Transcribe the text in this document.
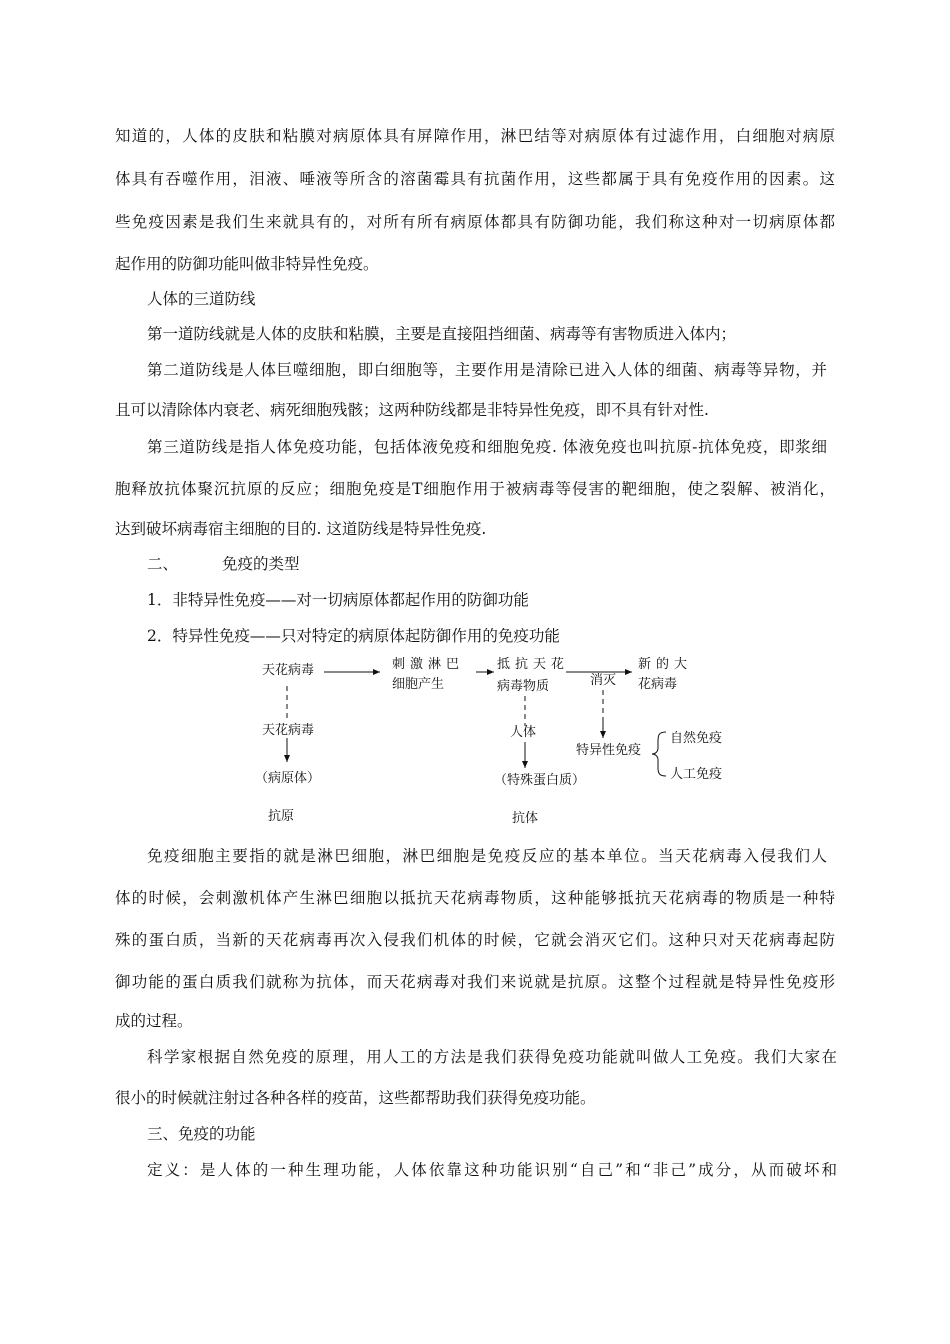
知道的，人体的皮肤和粘膜对病原体具有屏障作用，淋巴结等对病原体有过滤作用，白细胞对病原
体具有吞噬作用，泪液、唾液等所含的溶菌霉具有抗菌作用，这些都属于具有免疫作用的因素。这
些免疫因素是我们生来就具有的，对所有所有病原体都具有防御功能，我们称这种对一切病原体都
起作用的防御功能叫做非特异性免疫。
人体的三道防线
第一道防线就是人体的皮肤和粘膜，主要是直接阻挡细菌、病毒等有害物质进入体内；
第二道防线是人体巨噬细胞，即白细胞等，主要作用是清除已进入人体的细菌、病毒等异物，并
且可以清除体内衰老、病死细胞残骸；这两种防线都是非特异性免疫，即不具有针对性.
第三道防线是指人体免疫功能，包括体液免疫和细胞免疫. 体液免疫也叫抗原-抗体免疫，即浆细
胞释放抗体聚沉抗原的反应；细胞免疫是T细胞作用于被病毒等侵害的靶细胞，使之裂解、被消化，
达到破坏病毒宿主细胞的目的. 这道防线是特异性免疫.
二、	免疫的类型
1．非特异性免疫——对一切病原体都起作用的防御功能
2．特异性免疫——只对特定的病原体起防御作用的免疫功能
天花病毒
天花病毒
（病原体）
抗原
刺激淋巴
细胞产生
抵抗天花
病毒物质
人体
（特殊蛋白质）
抗体
消灭
新的大
花病毒
特异性免疫
自然免疫
人工免疫
免疫细胞主要指的就是淋巴细胞，淋巴细胞是免疫反应的基本单位。当天花病毒入侵我们人
体的时候，会刺激机体产生淋巴细胞以抵抗天花病毒物质，这种能够抵抗天花病毒的物质是一种特
殊的蛋白质，当新的天花病毒再次入侵我们机体的时候，它就会消灭它们。这种只对天花病毒起防
御功能的蛋白质我们就称为抗体，而天花病毒对我们来说就是抗原。这整个过程就是特异性免疫形
成的过程。
科学家根据自然免疫的原理，用人工的方法是我们获得免疫功能就叫做人工免疫。我们大家在
很小的时候就注射过各种各样的疫苗，这些都帮助我们获得免疫功能。
三、免疫的功能
定义：是人体的一种生理功能，人体依靠这种功能识别“自己”和“非己”成分，从而破坏和
